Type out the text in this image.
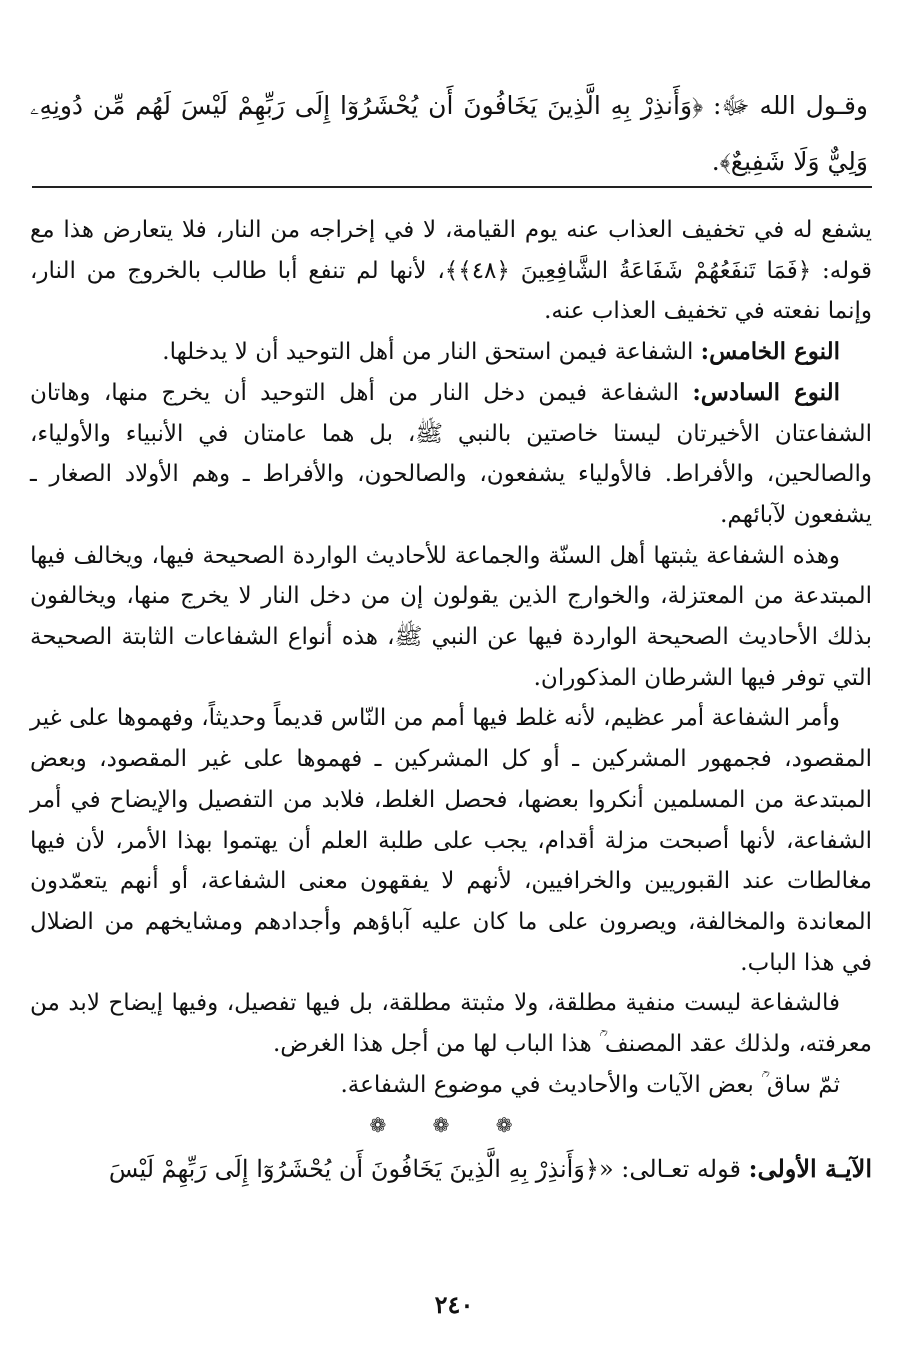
وقـول الله ﷻ: ﴿وَأَنذِرْ بِهِ الَّذِينَ يَخَافُونَ أَن يُحْشَرُوٓا إِلَى رَبِّهِمْ لَيْسَ لَهُم مِّن دُونِهِۦ وَلِيٌّ وَلَا شَفِيعٌ﴾.

يشفع له في تخفيف العذاب عنه يوم القيامة، لا في إخراجه من النار، فلا يتعارض هذا مع قوله: ﴿فَمَا تَنفَعُهُمْ شَفَاعَةُ الشَّافِعِينَ ﴿٤٨﴾﴾، لأنها لم تنفع أبا طالب بالخروج من النار، وإنما نفعته في تخفيف العذاب عنه.

النوع الخامس: الشفاعة فيمن استحق النار من أهل التوحيد أن لا يدخلها.

النوع السادس: الشفاعة فيمن دخل النار من أهل التوحيد أن يخرج منها، وهاتان الشفاعتان الأخيرتان ليستا خاصتين بالنبي ﷺ، بل هما عامتان في الأنبياء والأولياء، والصالحين، والأفراط. فالأولياء يشفعون، والصالحون، والأفراط ـ وهم الأولاد الصغار ـ يشفعون لآبائهم.

وهذه الشفاعة يثبتها أهل السنّة والجماعة للأحاديث الواردة الصحيحة فيها، ويخالف فيها المبتدعة من المعتزلة، والخوارج الذين يقولون إن من دخل النار لا يخرج منها، ويخالفون بذلك الأحاديث الصحيحة الواردة فيها عن النبي ﷺ، هذه أنواع الشفاعات الثابتة الصحيحة التي توفر فيها الشرطان المذكوران.

وأمر الشفاعة أمر عظيم، لأنه غلط فيها أمم من النّاس قديماً وحديثاً، وفهموها على غير المقصود، فجمهور المشركين ـ أو كل المشركين ـ فهموها على غير المقصود، وبعض المبتدعة من المسلمين أنكروا بعضها، فحصل الغلط، فلابد من التفصيل والإيضاح في أمر الشفاعة، لأنها أصبحت مزلة أقدام، يجب على طلبة العلم أن يهتموا بهذا الأمر، لأن فيها مغالطات عند القبوريين والخرافيين، لأنهم لا يفقهون معنى الشفاعة، أو أنهم يتعمّدون المعاندة والمخالفة، ويصرون على ما كان عليه آباؤهم وأجدادهم ومشايخهم من الضلال في هذا الباب.

فالشفاعة ليست منفية مطلقة، ولا مثبتة مطلقة، بل فيها تفصيل، وفيها إيضاح لابد من معرفته، ولذلك عقد المصنف ؒ هذا الباب لها من أجل هذا الغرض.

ثمّ ساق ؒ بعض الآيات والأحاديث في موضوع الشفاعة.

❁ ❁ ❁

الآيـة الأولى: قوله تعـالى: «﴿وَأَنذِرْ بِهِ الَّذِينَ يَخَافُونَ أَن يُحْشَرُوٓا إِلَى رَبِّهِمْ لَيْسَ

٢٤٠
